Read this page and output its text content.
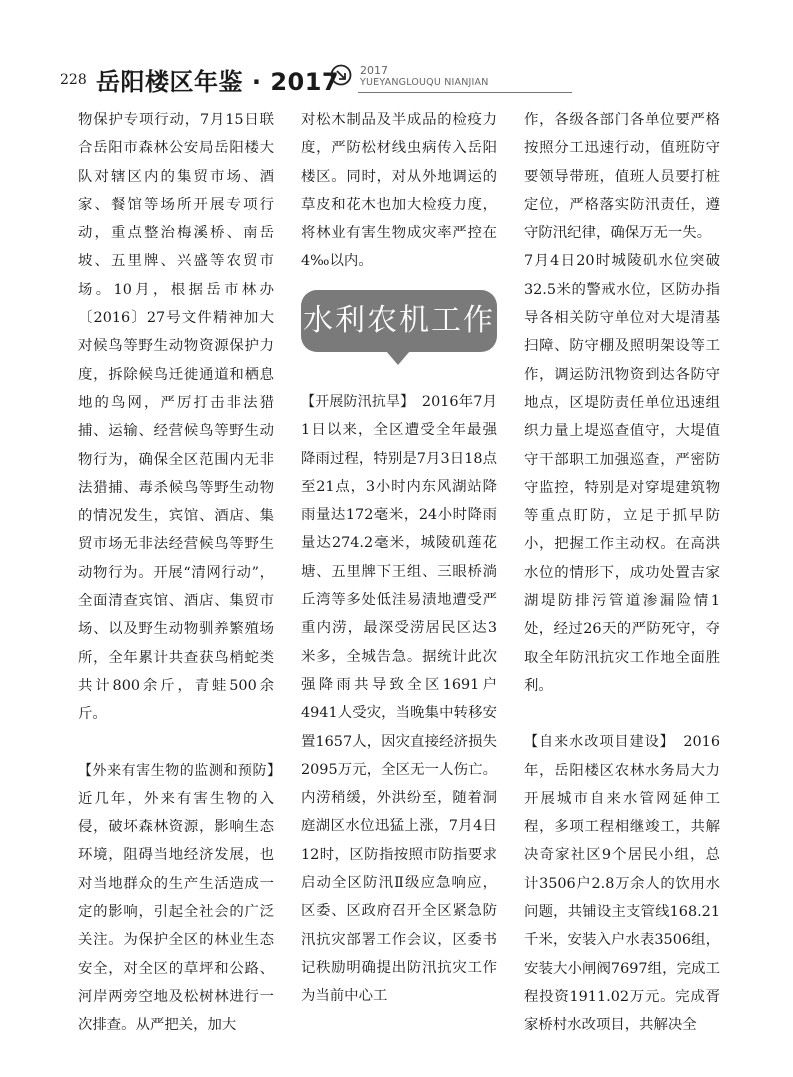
228 岳阳楼区年鉴 · 2017 2017
YUEYANGLOUQU NIANJIAN

物保护专项行动，7月15日联合岳阳市森林公安局岳阳楼大队对辖区内的集贸市场、酒家、餐馆等场所开展专项行动，重点整治梅溪桥、南岳坡、五里牌、兴盛等农贸市场。10月，根据岳市林办〔2016〕27号文件精神加大对候鸟等野生动物资源保护力度，拆除候鸟迁徙通道和栖息地的鸟网，严厉打击非法猎捕、运输、经营候鸟等野生动物行为，确保全区范围内无非法猎捕、毒杀候鸟等野生动物的情况发生，宾馆、酒店、集贸市场无非法经营候鸟等野生动物行为。开展“清网行动”，全面清查宾馆、酒店、集贸市场、以及野生动物驯养繁殖场所，全年累计共查获鸟梢蛇类共计800余斤，青蛙500余斤。

【外来有害生物的监测和预防】　近几年，外来有害生物的入侵，破坏森林资源，影响生态环境，阻碍当地经济发展，也对当地群众的生产生活造成一定的影响，引起全社会的广泛关注。为保护全区的林业生态安全，对全区的草坪和公路、河岸两旁空地及松树林进行一次排查。从严把关，加大

对松木制品及半成品的检疫力度，严防松材线虫病传入岳阳楼区。同时，对从外地调运的草皮和花木也加大检疫力度，将林业有害生物成灾率严控在4‰以内。

水利农机工作

【开展防汛抗旱】　 2016年7月1日以来，全区遭受全年最强降雨过程，特别是7月3日18点至21点，3小时内东风湖站降雨量达172毫米，24小时降雨量达274.2毫米，城陵矶莲花塘、五里牌下王组、三眼桥淌丘湾等多处低洼易渍地遭受严重内涝，最深受涝居民区达3米多，全城告急。据统计此次强降雨共导致全区1691户4941人受灾，当晚集中转移安置1657人，因灾直接经济损失2095万元，全区无一人伤亡。内涝稍缓，外洪纷至，随着洞庭湖区水位迅猛上涨，7月4日12时，区防指按照市防指要求启动全区防汛Ⅱ级应急响应，区委、区政府召开全区紧急防汛抗灾部署工作会议，区委书记秩励明确提出防汛抗灾工作为当前中心工

作，各级各部门各单位要严格按照分工迅速行动，值班防守要领导带班，值班人员要打桩定位，严格落实防汛责任，遵守防汛纪律，确保万无一失。

7月4日20时城陵矶水位突破32.5米的警戒水位，区防办指导各相关防守单位对大堤清基扫障、防守棚及照明架设等工作，调运防汛物资到达各防守地点，区堤防责任单位迅速组织力量上堤巡查值守，大堤值守干部职工加强巡查，严密防守监控，特别是对穿堤建筑物等重点盯防，立足于抓早防小，把握工作主动权。在高洪水位的情形下，成功处置吉家湖堤防排污管道渗漏险情1处，经过26天的严防死守，夺取全年防汛抗灾工作地全面胜利。

【自来水改项目建设】　 2016年，岳阳楼区农林水务局大力开展城市自来水管网延伸工程，多项工程相继竣工，共解决奇家社区9个居民小组，总计3506户2.8万余人的饮用水问题，共铺设主支管线168.21千米，安装入户水表3506组，安装大小闸阀7697组，完成工程投资1911.02万元。完成胥家桥村水改项目，共解决全
